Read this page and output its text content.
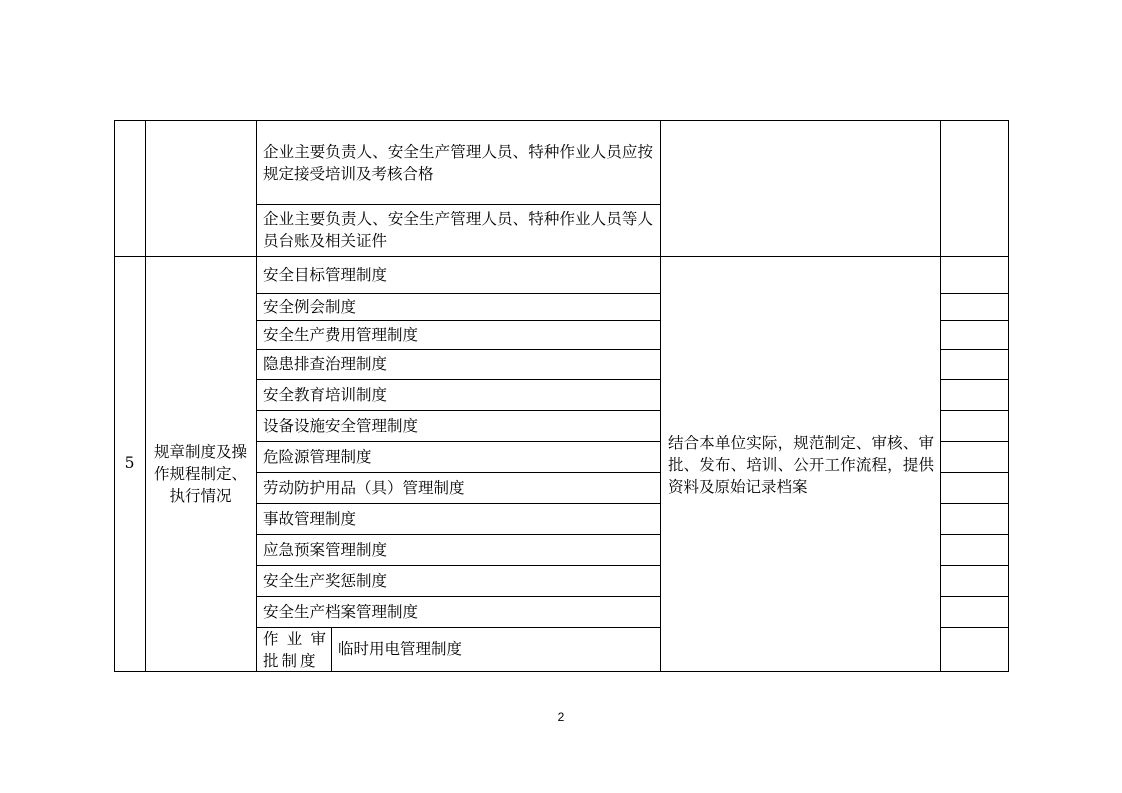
企业主要负责人、安全生产管理人员、特种作业人员应按规定接受培训及考核合格
企业主要负责人、安全生产管理人员、特种作业人员等人员台账及相关证件
5
规章制度及操作规程制定、执行情况
结合本单位实际，规范制定、审核、审批、发布、培训、公开工作流程，提供资料及原始记录档案
安全目标管理制度
安全例会制度
安全生产费用管理制度
隐患排查治理制度
安全教育培训制度
设备设施安全管理制度
危险源管理制度
劳动防护用品（具）管理制度
事故管理制度
应急预案管理制度
安全生产奖惩制度
安全生产档案管理制度
作业审批制度
临时用电管理制度
2
